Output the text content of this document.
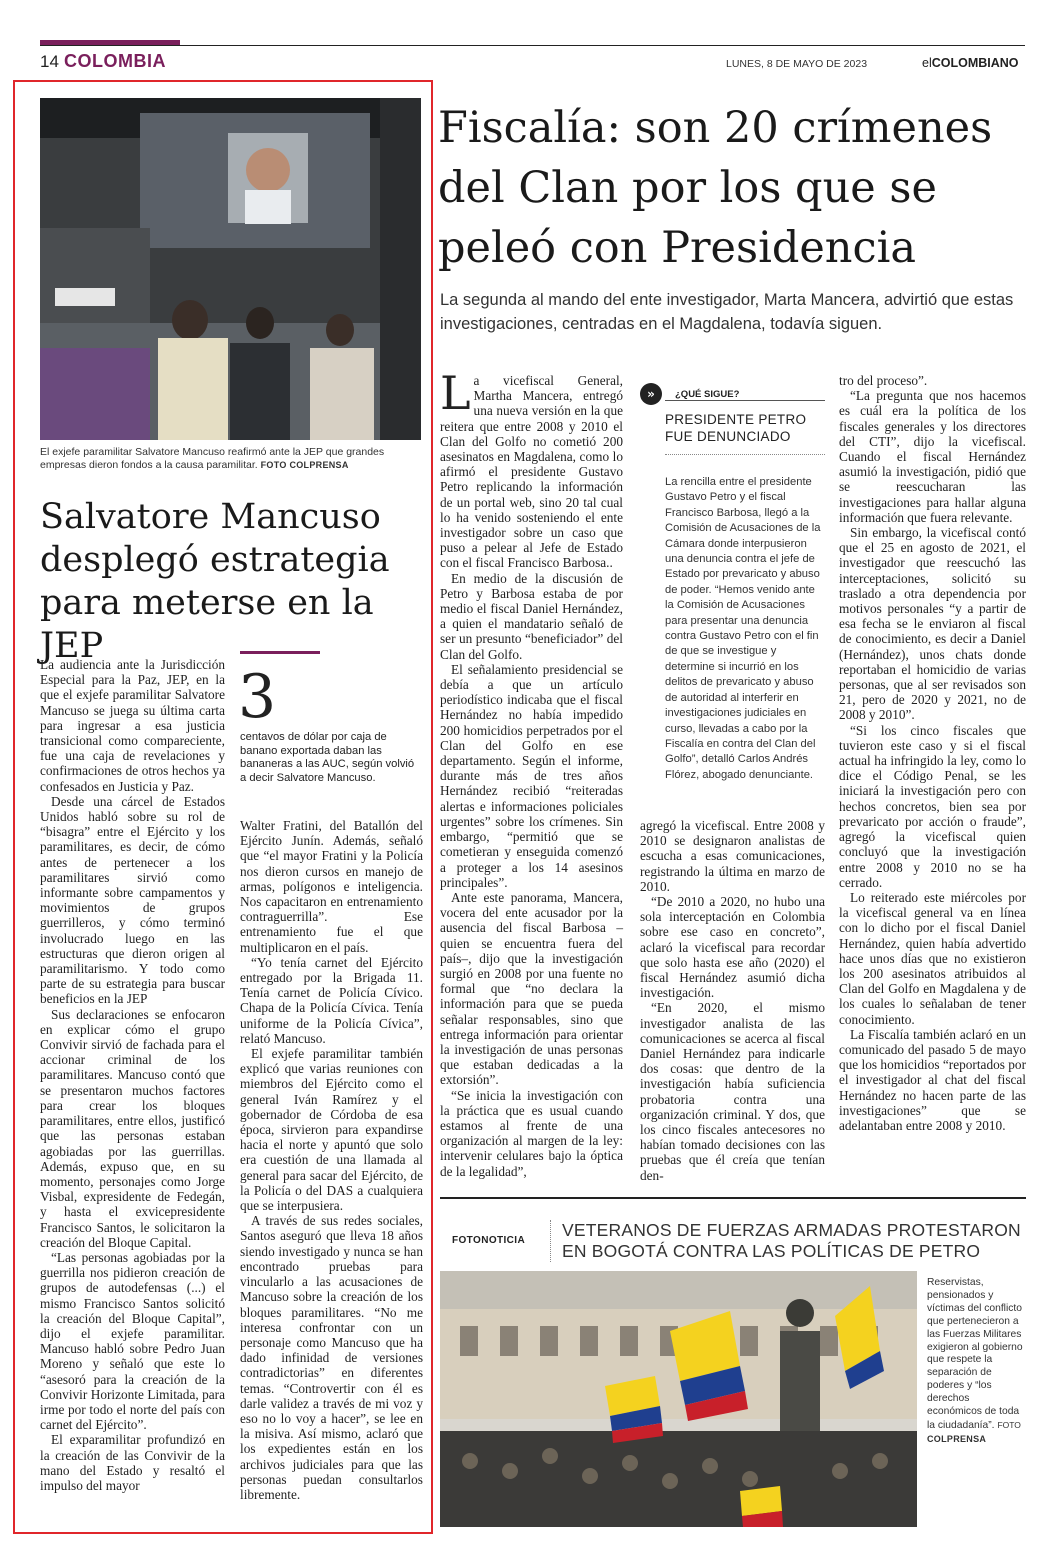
14 COLOMBIA	LUNES, 8 DE MAYO DE 2023	elCOLOMBIANO
El exjefe paramilitar Salvatore Mancuso reafirmó ante la JEP que grandes empresas dieron fondos a la causa paramilitar. FOTO COLPRENSA
Salvatore Mancuso desplegó estrategia para meterse en la JEP
3
centavos de dólar por caja de banano exportada daban las bananeras a las AUC, según volvió a decir Salvatore Mancuso.

La audiencia ante la Jurisdicción Especial para la Paz, JEP, en la que el exjefe paramilitar Salvatore Mancuso se juega su última carta para ingresar a esa justicia transicional como compareciente, fue una caja de revelaciones y confirmaciones de otros hechos ya confesados en Justicia y Paz.

Desde una cárcel de Estados Unidos habló sobre su rol de “bisagra” entre el Ejército y los paramilitares, es decir, de cómo antes de pertenecer a los paramilitares sirvió como informante sobre campamentos y movimientos de grupos guerrilleros, y cómo terminó involucrado luego en las estructuras que dieron origen al paramilitarismo. Y todo como parte de su estrategia para buscar beneficios en la JEP

Sus declaraciones se enfocaron en explicar cómo el grupo Convivir sirvió de fachada para el accionar criminal de los paramilitares. Mancuso contó que se presentaron muchos factores para crear los bloques paramilitares, entre ellos, justificó que las personas estaban agobiadas por las guerrillas. Además, expuso que, en su momento, personajes como Jorge Visbal, expresidente de Fedegán, y hasta el exvicepresidente Francisco Santos, le solicitaron la creación del Bloque Capital.

“Las personas agobiadas por la guerrilla nos pidieron creación de grupos de autodefensas (...) el mismo Francisco Santos solicitó la creación del Bloque Capital”, dijo el exjefe paramilitar. Mancuso habló sobre Pedro Juan Moreno y señaló que este lo “asesoró para la creación de la Convivir Horizonte Limitada, para irme por todo el norte del país con carnet del Ejército”.

El exparamilitar profundizó en la creación de las Convivir de la mano del Estado y resaltó el impulso del mayor

Walter Fratini, del Batallón del Ejército Junín. Además, señaló que “el mayor Fratini y la Policía nos dieron cursos en manejo de armas, polígonos e inteligencia. Nos capacitaron en entrenamiento contraguerrilla”. Ese entrenamiento fue el que multiplicaron en el país.

“Yo tenía carnet del Ejército entregado por la Brigada 11. Tenía carnet de Policía Cívico. Chapa de la Policía Cívica. Tenía uniforme de la Policía Cívica”, relató Mancuso.

El exjefe paramilitar también explicó que varias reuniones con miembros del Ejército como el general Iván Ramírez y el gobernador de Córdoba de esa época, sirvieron para expandirse hacia el norte y apuntó que solo era cuestión de una llamada al general para sacar del Ejército, de la Policía o del DAS a cualquiera que se interpusiera.

A través de sus redes sociales, Santos aseguró que lleva 18 años siendo investigado y nunca se han encontrado pruebas para vincularlo a las acusaciones de Mancuso sobre la creación de los bloques paramilitares. “No me interesa confrontar con un personaje como Mancuso que ha dado infinidad de versiones contradictorias” en diferentes temas. “Controvertir con él es darle validez a través de mi voz y eso no lo voy a hacer”, se lee en la misiva. Así mismo, aclaró que los expedientes están en los archivos judiciales para que las personas puedan consultarlos libremente.

Fiscalía: son 20 crímenes del Clan por los que se peleó con Presidencia
La segunda al mando del ente investigador, Marta Mancera, advirtió que estas investigaciones, centradas en el Magdalena, todavía siguen.

La vicefiscal General, Martha Mancera, entregó una nueva versión en la que reitera que entre 2008 y 2010 el Clan del Golfo no cometió 200 asesinatos en Magdalena, como lo afirmó el presidente Gustavo Petro replicando la información de un portal web, sino 20 tal cual lo ha venido sosteniendo el ente investigador sobre un caso que puso a pelear al Jefe de Estado con el fiscal Francisco Barbosa..

En medio de la discusión de Petro y Barbosa estaba de por medio el fiscal Daniel Hernández, a quien el mandatario señaló de ser un presunto “beneficiador” del Clan del Golfo.

El señalamiento presidencial se debía a que un artículo periodístico indicaba que el fiscal Hernández no había impedido 200 homicidios perpetrados por el Clan del Golfo en ese departamento. Según el informe, durante más de tres años Hernández recibió “reiteradas alertas e informaciones policiales urgentes” sobre los crímenes. Sin embargo, “permitió que se cometieran y enseguida comenzó a proteger a los 14 asesinos principales”.

Ante este panorama, Mancera, vocera del ente acusador por la ausencia del fiscal Barbosa –quien se encuentra fuera del país–, dijo que la investigación surgió en 2008 por una fuente no formal que “no declara la información para que se pueda señalar responsables, sino que entrega información para orientar la investigación de unas personas que estaban dedicadas a la extorsión”.

“Se inicia la investigación con la práctica que es usual cuando estamos al frente de una organización al margen de la ley: intervenir celulares bajo la óptica de la legalidad”,

»	¿QUÉ SIGUE?
PRESIDENTE PETRO FUE DENUNCIADO
La rencilla entre el presidente Gustavo Petro y el fiscal Francisco Barbosa, llegó a la Comisión de Acusaciones de la Cámara donde interpusieron una denuncia contra el jefe de Estado por prevaricato y abuso de poder. “Hemos venido ante la Comisión de Acusaciones para presentar una denuncia contra Gustavo Petro con el fin de que se investigue y determine si incurrió en los delitos de prevaricato y abuso de autoridad al interferir en investigaciones judiciales en curso, llevadas a cabo por la Fiscalía en contra del Clan del Golfo”, detalló Carlos Andrés Flórez, abogado denunciante.

agregó la vicefiscal. Entre 2008 y 2010 se designaron analistas de escucha a esas comunicaciones, registrando la última en marzo de 2010.

“De 2010 a 2020, no hubo una sola interceptación en Colombia sobre ese caso en concreto”, aclaró la vicefiscal para recordar que solo hasta ese año (2020) el fiscal Hernández asumió dicha investigación.

“En 2020, el mismo investigador analista de las comunicaciones se acerca al fiscal Daniel Hernández para indicarle dos cosas: que dentro de la investigación había suficiencia probatoria contra una organización criminal. Y dos, que los cinco fiscales antecesores no habían tomado decisiones con las pruebas que él creía que tenían den-

tro del proceso”.

“La pregunta que nos hacemos es cuál era la política de los fiscales generales y los directores del CTI”, dijo la vicefiscal. Cuando el fiscal Hernández asumió la investigación, pidió que se reescucharan las investigaciones para hallar alguna información que fuera relevante.

Sin embargo, la vicefiscal contó que el 25 en agosto de 2021, el investigador que reescuchó las interceptaciones, solicitó su traslado a otra dependencia por motivos personales “y a partir de esa fecha se le enviaron al fiscal de conocimiento, es decir a Daniel (Hernández), unos chats donde reportaban el homicidio de varias personas, que al ser revisados son 21, pero de 2020 y 2021, no de 2008 y 2010”.

“Si los cinco fiscales que tuvieron este caso y si el fiscal actual ha infringido la ley, como lo dice el Código Penal, se les iniciará la investigación pero con hechos concretos, bien sea por prevaricato por acción o fraude”, agregó la vicefiscal quien concluyó que la investigación entre 2008 y 2010 no se ha cerrado.

Lo reiterado este miércoles por la vicefiscal general va en línea con lo dicho por el fiscal Daniel Hernández, quien había advertido hace unos días que no existieron los 200 asesinatos atribuidos al Clan del Golfo en Magdalena y de los cuales lo señalaban de tener conocimiento.

La Fiscalía también aclaró en un comunicado del pasado 5 de mayo que los homicidios “reportados por el investigador al chat del fiscal Hernández no hacen parte de las investigaciones” que se adelantaban entre 2008 y 2010.

FOTONOTICIA
VETERANOS DE FUERZAS ARMADAS PROTESTARON EN BOGOTÁ CONTRA LAS POLÍTICAS DE PETRO
Reservistas, pensionados y víctimas del conflicto que pertenecieron a las Fuerzas Militares exigieron al gobierno que respete la separación de poderes y “los derechos económicos de toda la ciudadanía”. FOTO COLPRENSA
